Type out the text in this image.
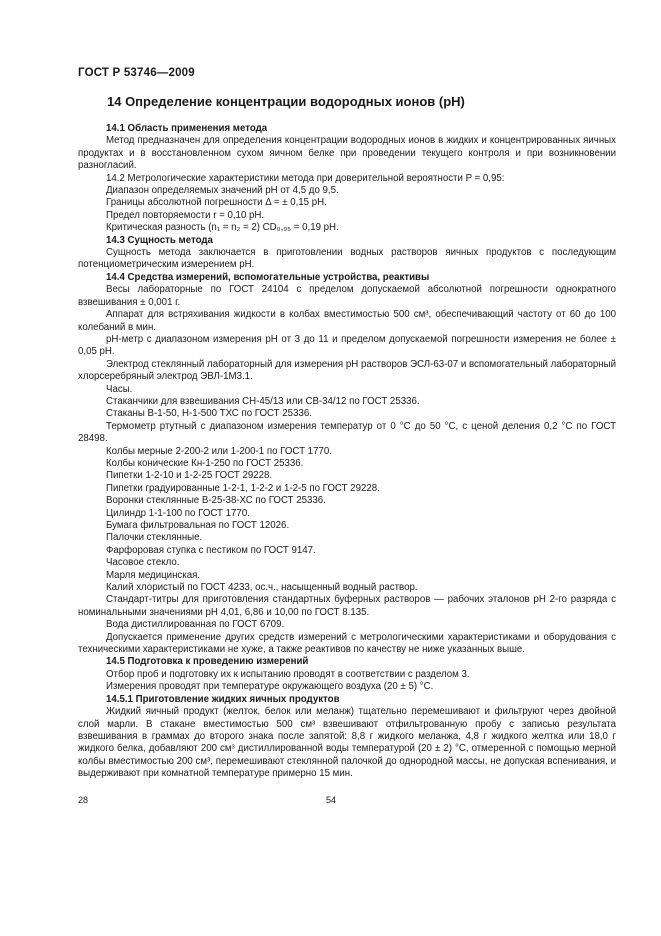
ГОСТ Р 53746—2009
14 Определение концентрации водородных ионов (pH)

14.1 Область применения метода

Метод предназначен для определения концентрации водородных ионов в жидких и концентрированных яичных продуктах и в восстановленном сухом яичном белке при проведении текущего контроля и при возникновении разногласий.

14.2 Метрологические характеристики метода при доверительной вероятности P = 0,95:

Диапазон определяемых значений pH от 4,5 до 9,5.

Границы абсолютной погрешности Δ = ± 0,15 pH.

Предел повторяемости r = 0,10 pH.

Критическая разность (n₁ = n₂ = 2) CD₀,₉₅ = 0,19 pH.

14.3 Сущность метода

Сущность метода заключается в приготовлении водных растворов яичных продуктов с последующим потенциометрическим измерением pH.

14.4 Средства измерений, вспомогательные устройства, реактивы

Весы лабораторные по ГОСТ 24104 с пределом допускаемой абсолютной погрешности однократного взвешивания ± 0,001 г.

Аппарат для встряхивания жидкости в колбах вместимостью 500 см³, обеспечивающий частоту от 60 до 100 колебаний в мин.

pH-метр с диапазоном измерения pH от 3 до 11 и пределом допускаемой погрешности измерения не более ± 0,05 pH.

Электрод стеклянный лабораторный для измерения pH растворов ЭСЛ-63-07 и вспомогательный лабораторный хлорсеребряный электрод ЭВЛ-1М3.1.

Часы.

Стаканчики для взвешивания СН-45/13 или СВ-34/12 по ГОСТ 25336.

Стаканы В-1-50, Н-1-500 ТХС по ГОСТ 25336.

Термометр ртутный с диапазоном измерения температур от 0 °С до 50 °С, с ценой деления 0,2 °С по ГОСТ 28498.

Колбы мерные 2-200-2 или 1-200-1 по ГОСТ 1770.

Колбы конические Кн-1-250 по ГОСТ 25336.

Пипетки 1-2-10 и 1-2-25 ГОСТ 29228.

Пипетки градуированные 1-2-1, 1-2-2 и 1-2-5 по ГОСТ 29228.

Воронки стеклянные В-25-38-ХС по ГОСТ 25336.

Цилиндр 1-1-100 по ГОСТ 1770.

Бумага фильтровальная по ГОСТ 12026.

Палочки стеклянные.

Фарфоровая ступка с пестиком по ГОСТ 9147.

Часовое стекло.

Марля медицинская.

Калий хлористый по ГОСТ 4233, ос.ч., насыщенный водный раствор.

Стандарт-титры для приготовления стандартных буферных растворов — рабочих эталонов pH 2-го разряда с номинальными значениями pH 4,01, 6,86 и 10,00 по ГОСТ 8.135.

Вода дистиллированная по ГОСТ 6709.

Допускается применение других средств измерений с метрологическими характеристиками и оборудования с техническими характеристиками не хуже, а также реактивов по качеству не ниже указанных выше.

14.5 Подготовка к проведению измерений

Отбор проб и подготовку их к испытанию проводят в соответствии с разделом 3.

Измерения проводят при температуре окружающего воздуха (20 ± 5) °С.

14.5.1 Приготовление жидких яичных продуктов

Жидкий яичный продукт (желток, белок или меланж) тщательно перемешивают и фильтруют через двойной слой марли. В стакане вместимостью 500 см³ взвешивают отфильтрованную пробу с записью результата взвешивания в граммах до второго знака после запятой: 8,8 г жидкого меланжа, 4,8 г жидкого желтка или 18,0 г жидкого белка, добавляют 200 см³ дистиллированной воды температурой (20 ± 2) °С, отмеренной с помощью мерной колбы вместимостью 200 см³, перемешивают стеклянной палочкой до однородной массы, не допуская вспенивания, и выдерживают при комнатной температуре примерно 15 мин.

28	54
